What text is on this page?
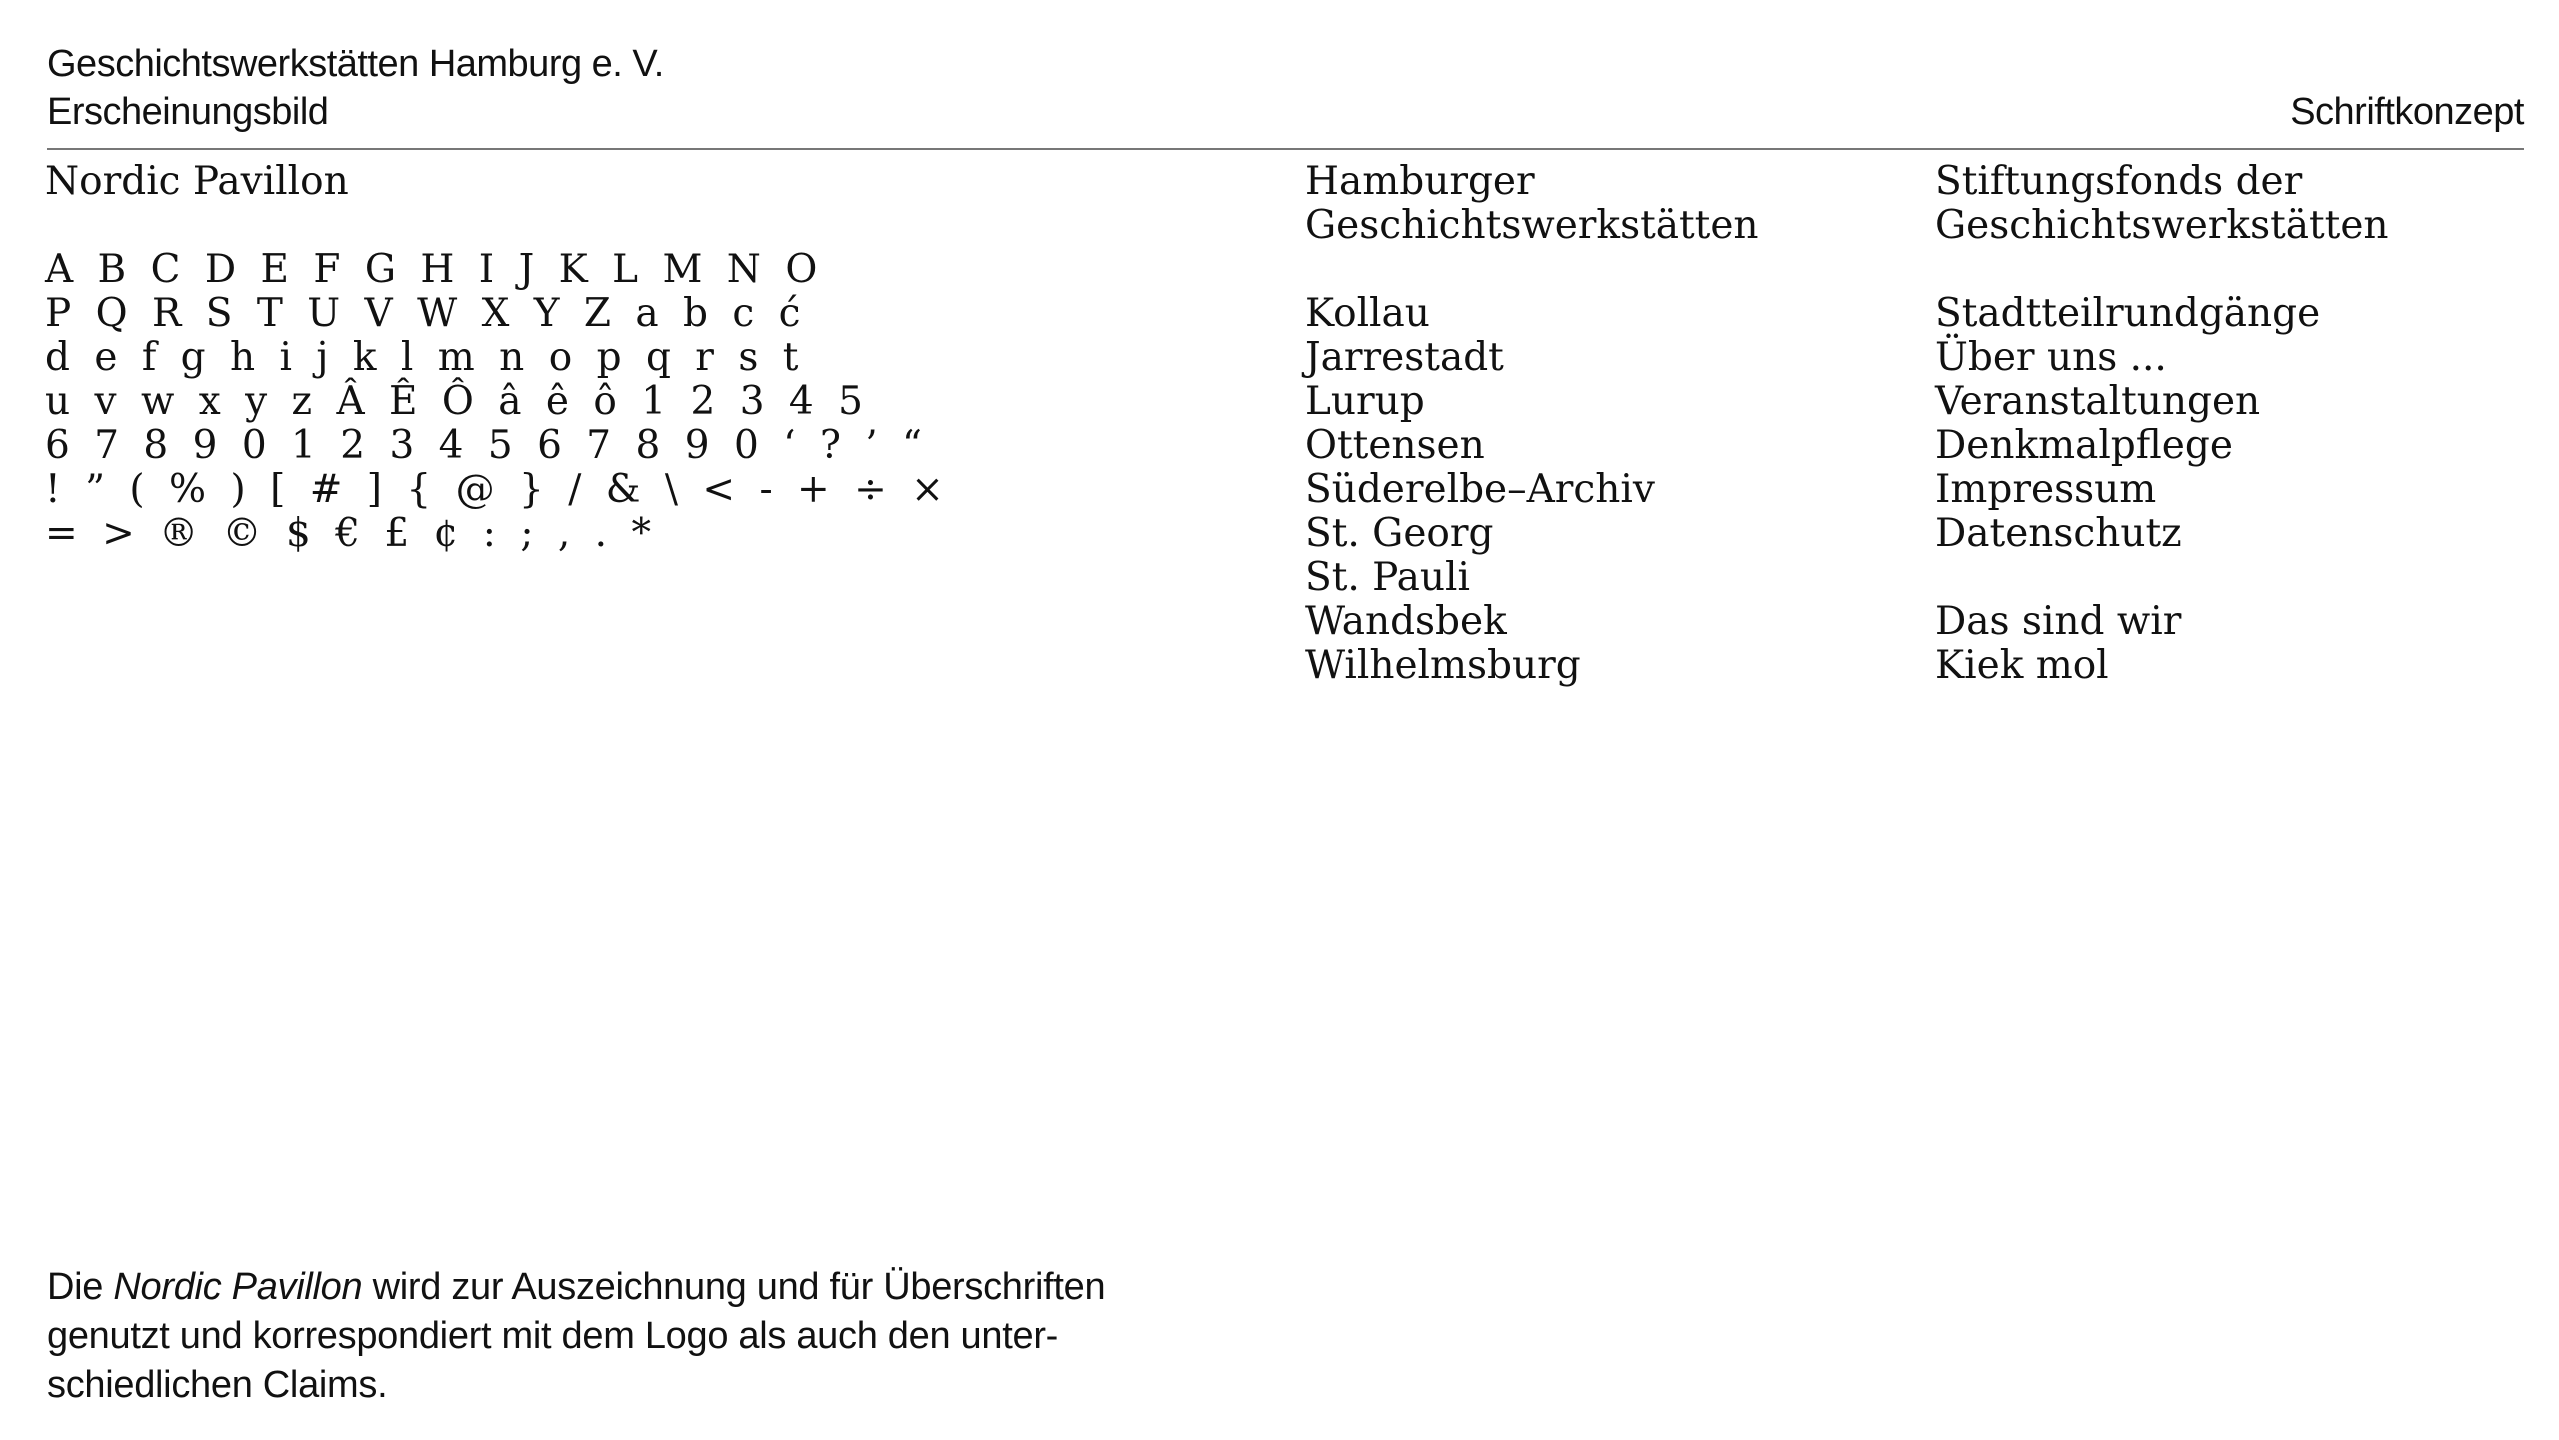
Geschichtswerkstätten Hamburg e. V.
Erscheinungsbild	Schriftkonzept
Nordic Pavillon
A B C D E F G H I J K L M N O
P Q R S T U V W X Y Z a b c ć
d e f g h i j k l m n o p q r s t
u v w x y z Â Ê Ô â ê ô 1 2 3 4 5
6 7 8 9 0 1 2 3 4 5 6 7 8 9 0 ‘ ? ’ “
! ” ( % ) [ # ] { @ } / & \ < - + ÷ ×
= > ® © $ € £ ¢ : ; , . *
Hamburger
Geschichtswerkstätten
Kollau
Jarrestadt
Lurup
Ottensen
Süderelbe–Archiv
St. Georg
St. Pauli
Wandsbek
Wilhelmsburg
Stiftungsfonds der
Geschichtswerkstätten
Stadtteilrundgänge
Über uns ...
Veranstaltungen
Denkmalpflege
Impressum
Datenschutz
Das sind wir
Kiek mol
Die Nordic Pavillon wird zur Auszeichnung und für Überschriften
genutzt und korrespondiert mit dem Logo als auch den unter-
schiedlichen Claims.
